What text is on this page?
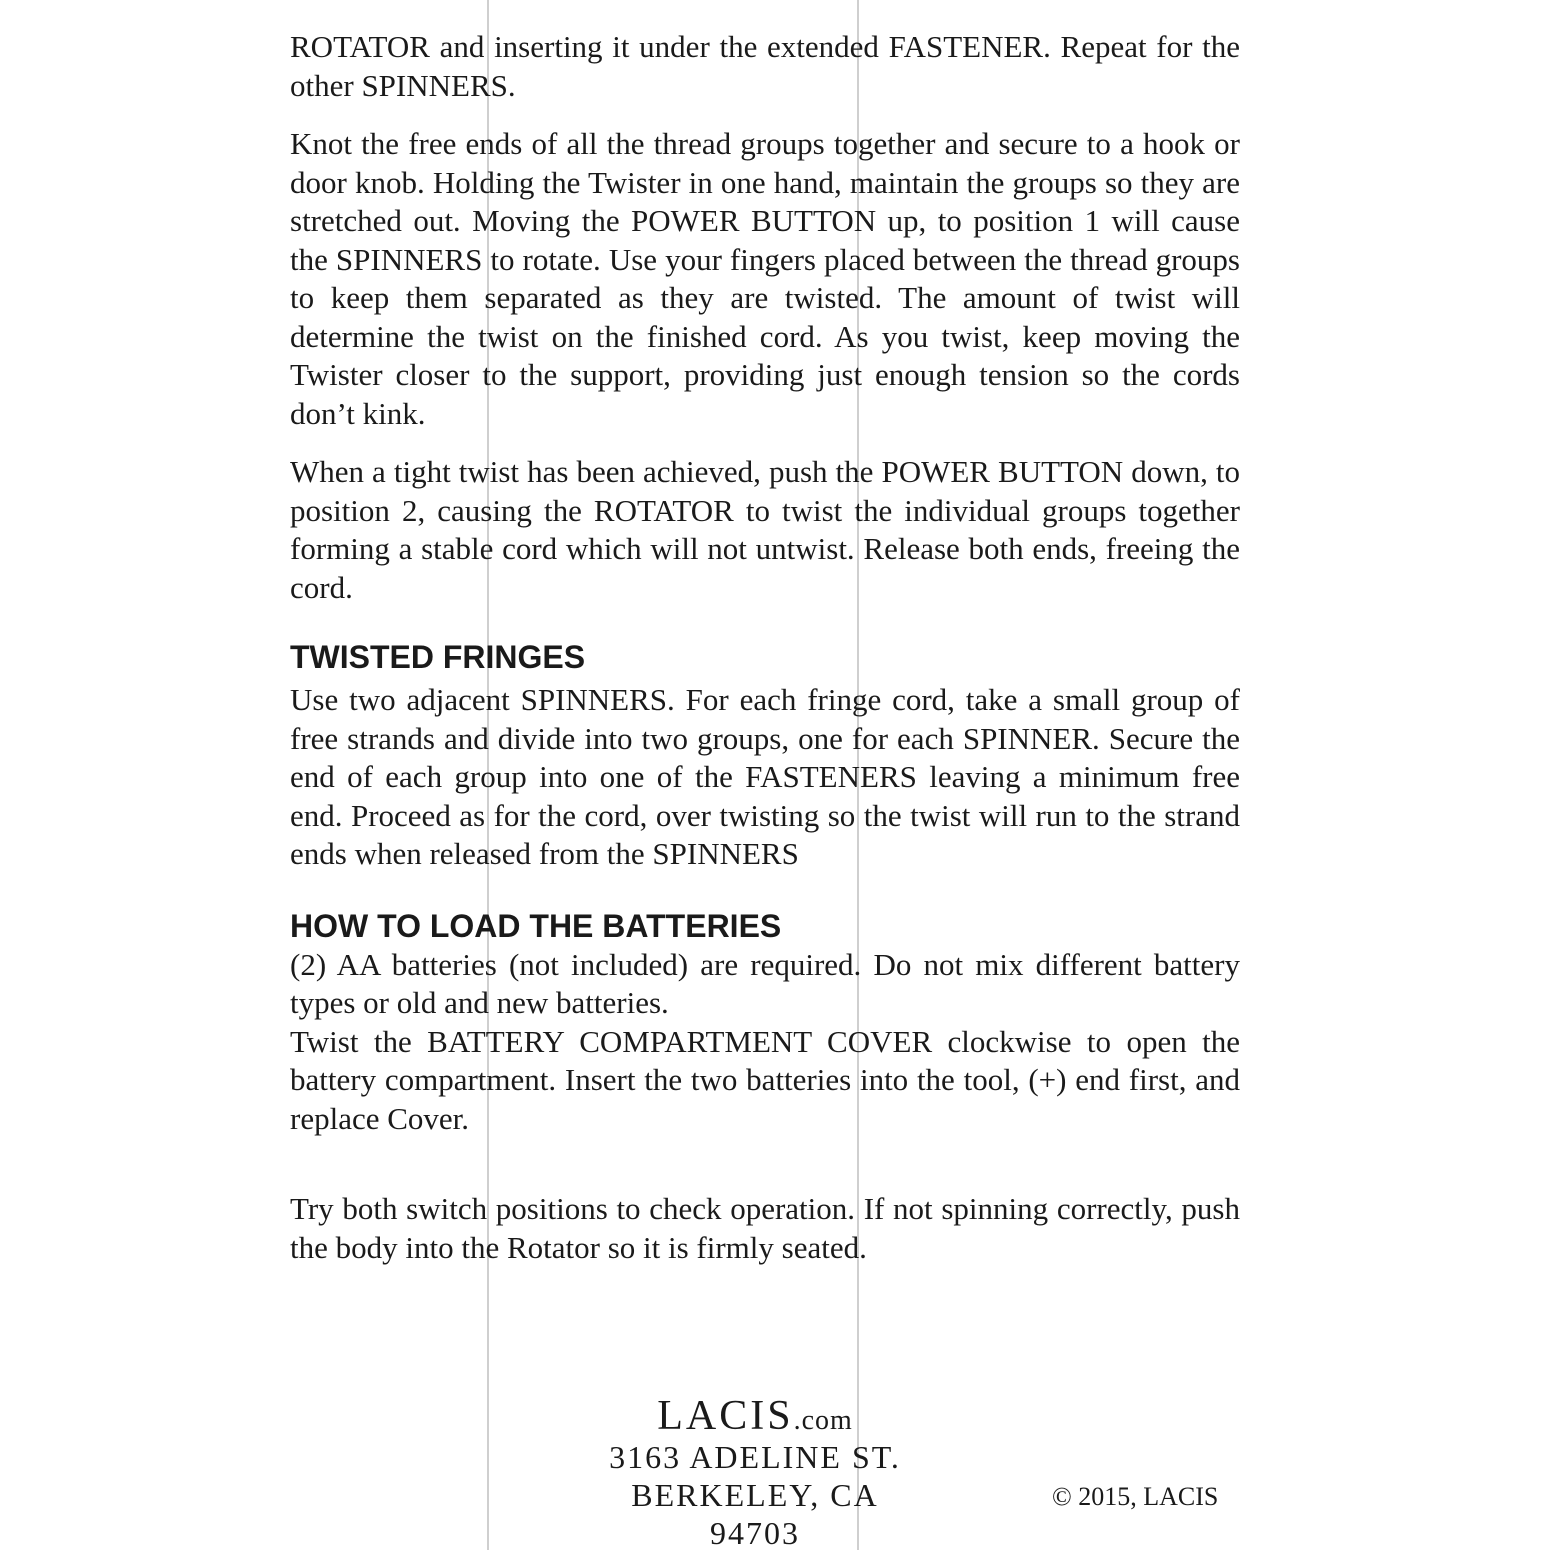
ROTATOR and inserting it under the extended FASTENER. Repeat for the other SPINNERS.

Knot the free ends of all the thread groups together and secure to a hook or door knob. Holding the Twister in one hand, maintain the groups so they are stretched out. Moving the POWER BUTTON up, to position 1 will cause the SPINNERS to rotate. Use your fingers placed between the thread groups to keep them separated as they are twisted. The amount of twist will determine the twist on the finished cord. As you twist, keep moving the Twister closer to the support, providing just enough tension so the cords don’t kink.

When a tight twist has been achieved, push the POWER BUTTON down, to position 2, causing the ROTATOR to twist the individual groups together forming a stable cord which will not untwist. Release both ends, freeing the cord.

TWISTED FRINGES

Use two adjacent SPINNERS. For each fringe cord, take a small group of free strands and divide into two groups, one for each SPINNER. Secure the end of each group into one of the FASTENERS leaving a minimum free end. Proceed as for the cord, over twisting so the twist will run to the strand ends when released from the SPINNERS

HOW TO LOAD THE BATTERIES

(2) AA batteries (not included) are required. Do not mix different battery types or old and new batteries.

Twist the BATTERY COMPARTMENT COVER clockwise to open the battery compartment. Insert the two batteries into the tool, (+) end first, and replace Cover.

Try both switch positions to check operation. If not spinning correctly, push the body into the Rotator so it is firmly seated.

LACIS.com
3163 ADELINE ST.
BERKELEY, CA 94703
© 2015, LACIS
